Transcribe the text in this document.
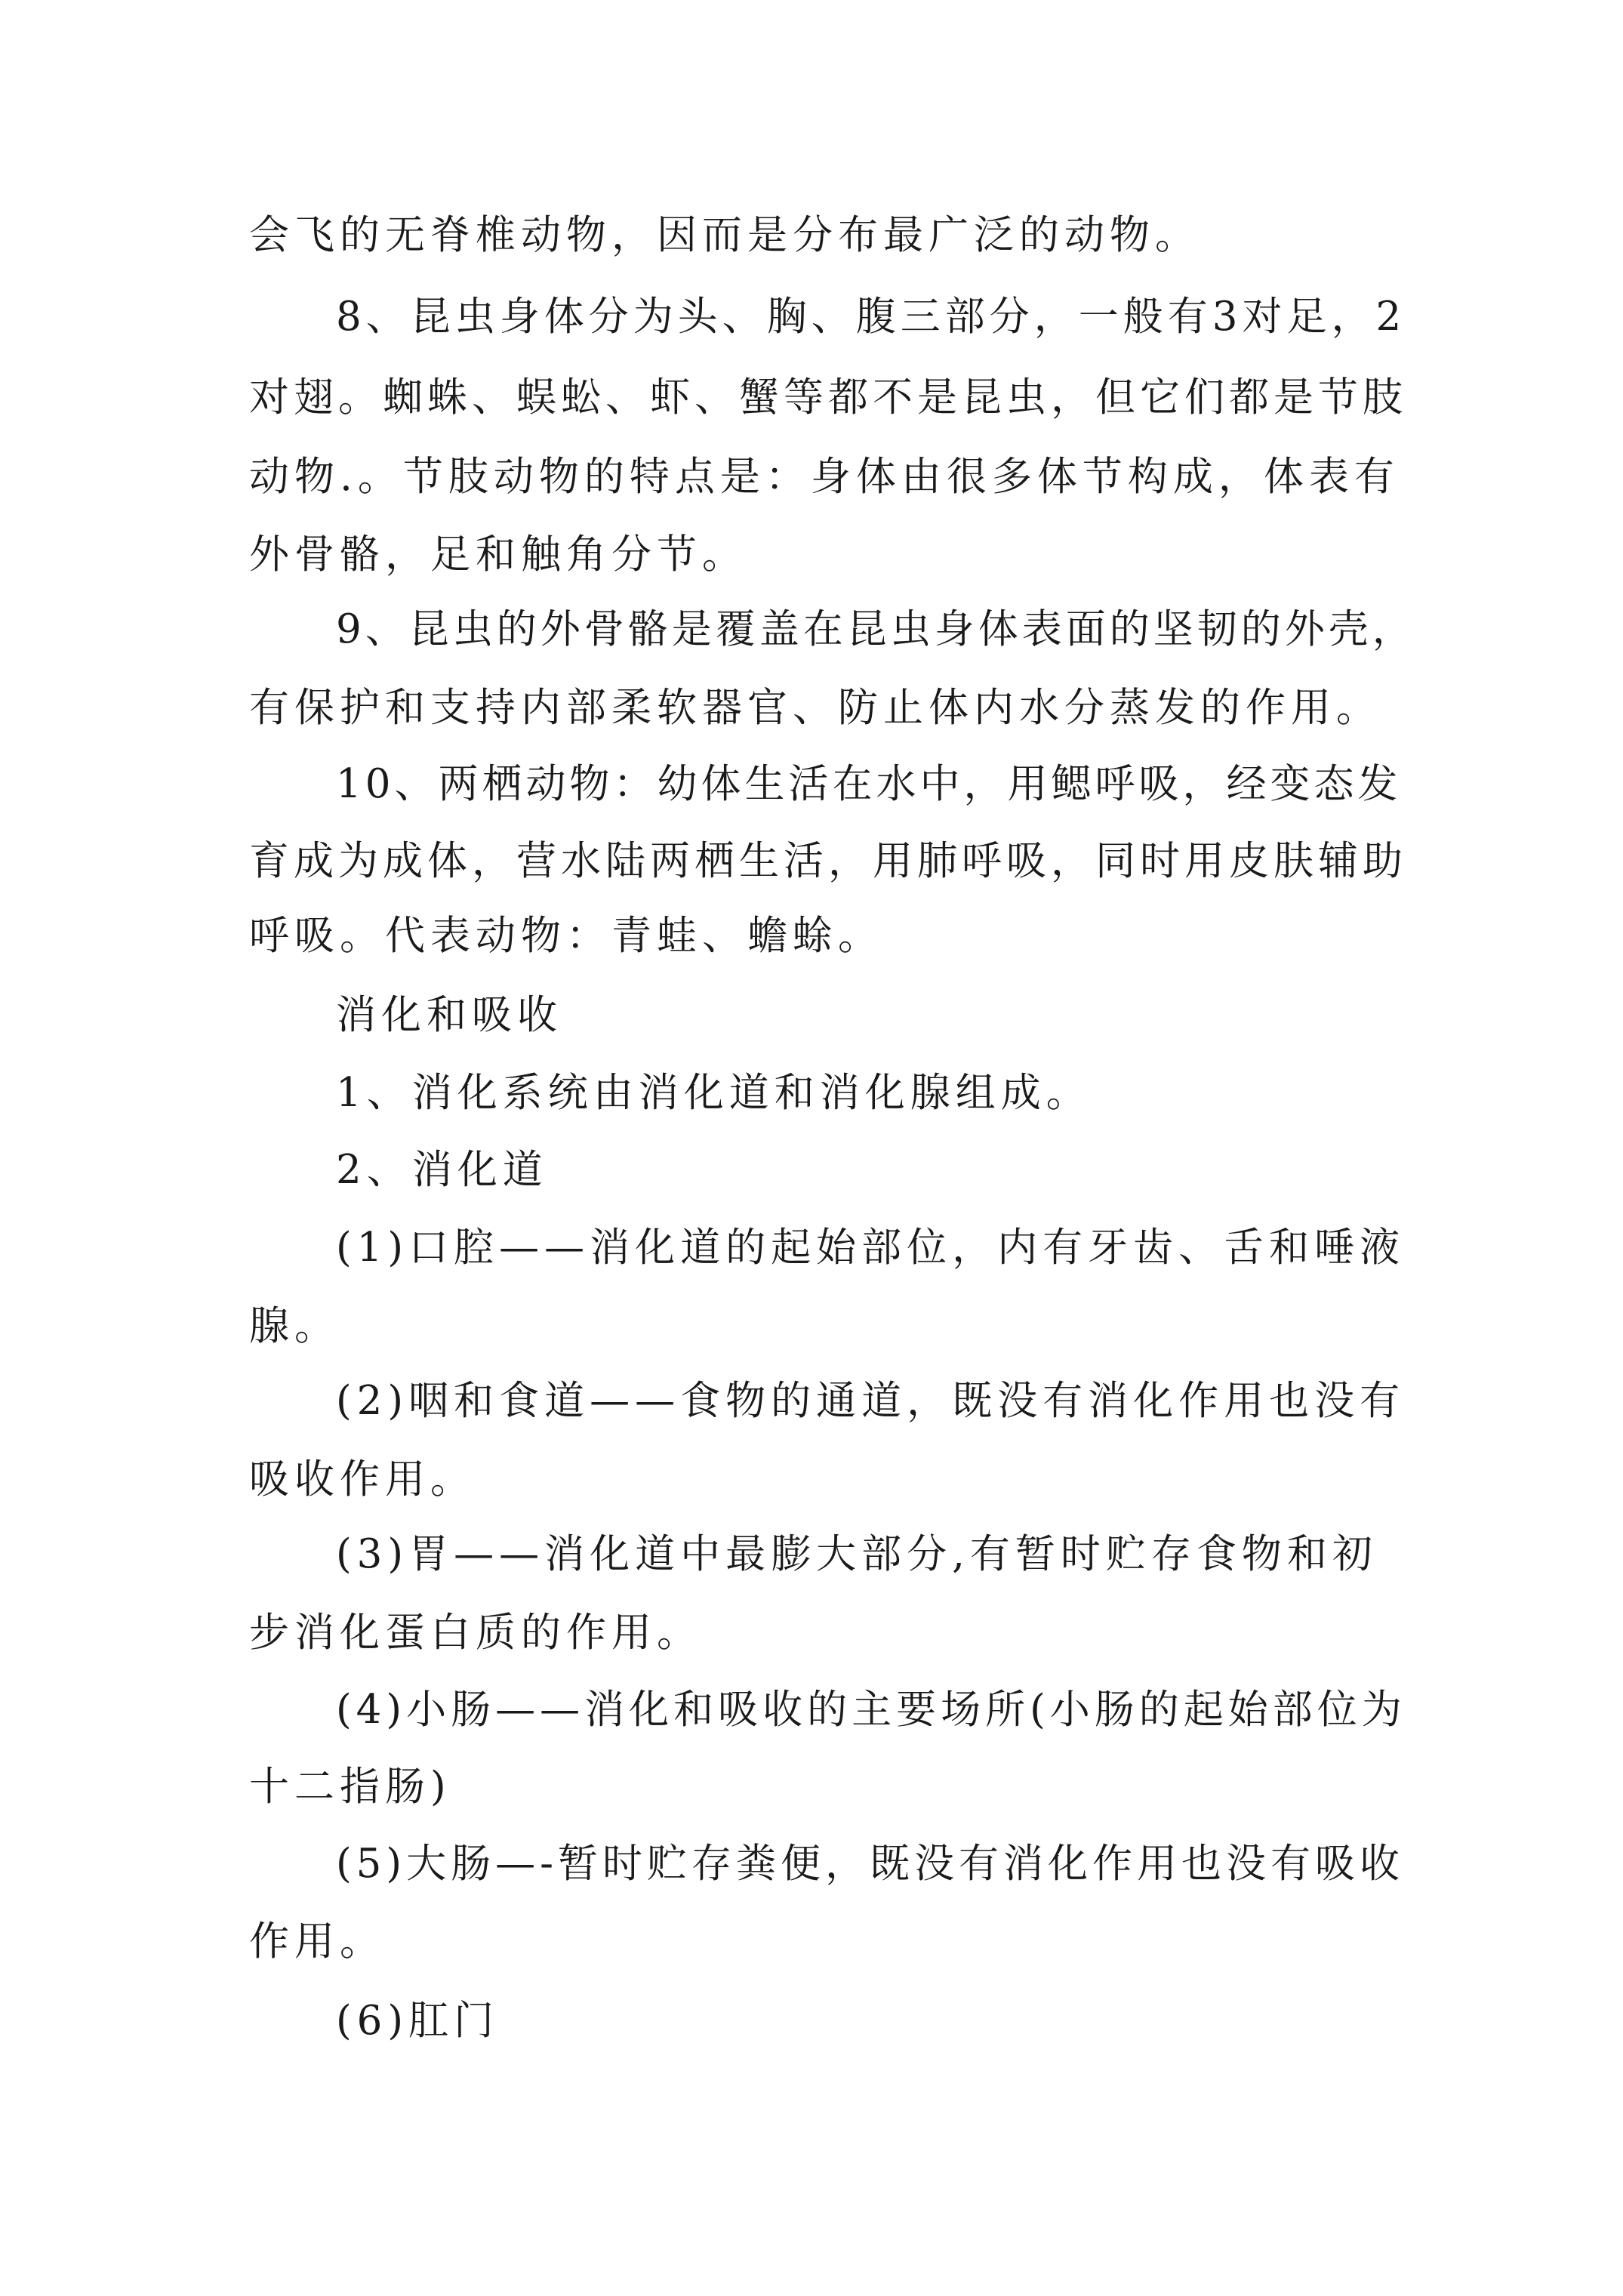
会飞的无脊椎动物，因而是分布最广泛的动物。

8、昆虫身体分为头、胸、腹三部分，一般有3对足，2

对翅。蜘蛛、蜈蚣、虾、蟹等都不是昆虫，但它们都是节肢

动物.。节肢动物的特点是：身体由很多体节构成，体表有

外骨骼，足和触角分节。

9、昆虫的外骨骼是覆盖在昆虫身体表面的坚韧的外壳，

有保护和支持内部柔软器官、防止体内水分蒸发的作用。

10、两栖动物：幼体生活在水中，用鳃呼吸，经变态发

育成为成体，营水陆两栖生活，用肺呼吸，同时用皮肤辅助

呼吸。代表动物：青蛙、蟾蜍。

消化和吸收

1、消化系统由消化道和消化腺组成。

2、消化道

(1)口腔——消化道的起始部位，内有牙齿、舌和唾液

腺。

(2)咽和食道——食物的通道，既没有消化作用也没有

吸收作用。

(3)胃——消化道中最膨大部分,有暂时贮存食物和初

步消化蛋白质的作用。

(4)小肠——消化和吸收的主要场所(小肠的起始部位为

十二指肠)

(5)大肠—-暂时贮存粪便，既没有消化作用也没有吸收

作用。

(6)肛门
